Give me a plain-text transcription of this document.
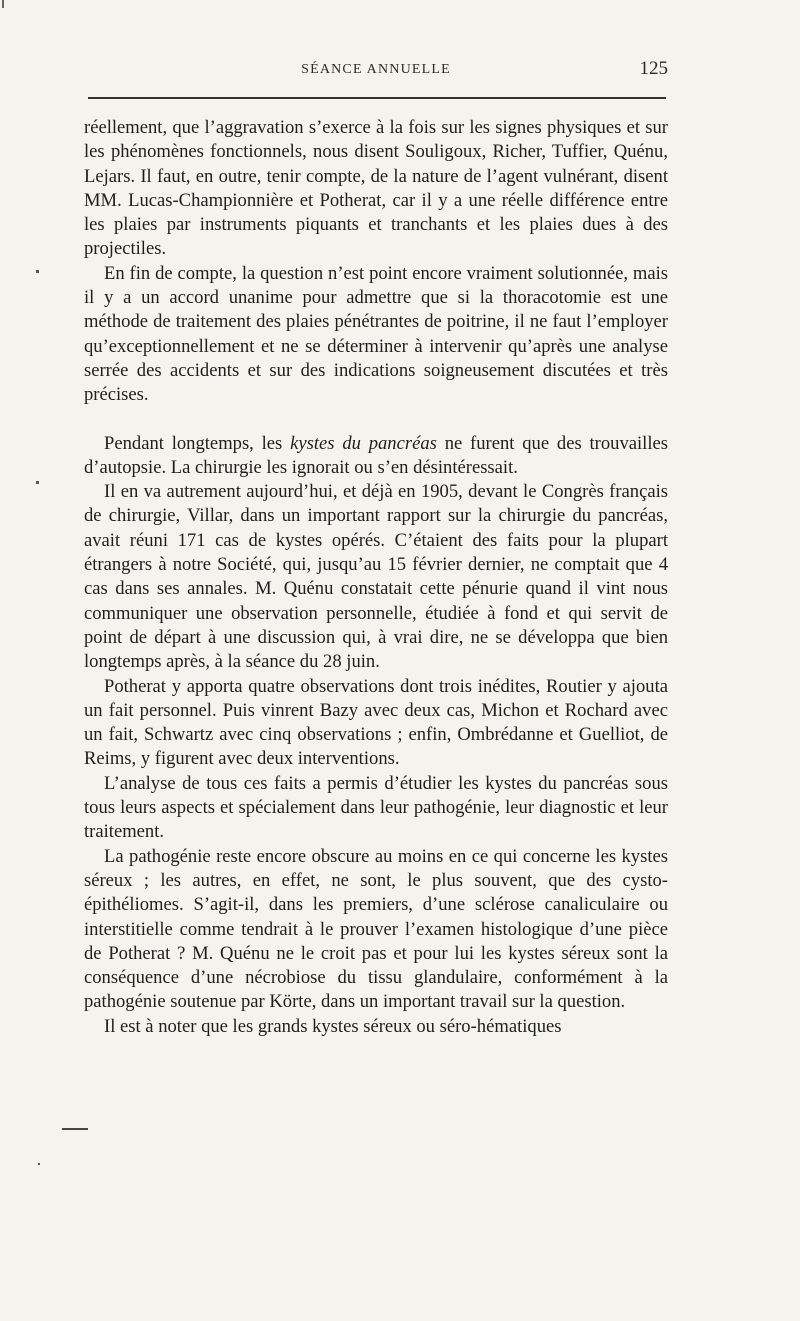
SÉANCE ANNUELLE	125

réellement, que l’aggravation s’exerce à la fois sur les signes physiques et sur les phénomènes fonctionnels, nous disent Souligoux, Richer, Tuffier, Quénu, Lejars. Il faut, en outre, tenir compte, de la nature de l’agent vulnérant, disent MM. Lucas-Championnière et Potherat, car il y a une réelle différence entre les plaies par instruments piquants et tranchants et les plaies dues à des projectiles.

En fin de compte, la question n’est point encore vraiment solutionnée, mais il y a un accord unanime pour admettre que si la thoracotomie est une méthode de traitement des plaies pénétrantes de poitrine, il ne faut l’employer qu’exceptionnellement et ne se déterminer à intervenir qu’après une analyse serrée des accidents et sur des indications soigneusement discutées et très précises.

Pendant longtemps, les kystes du pancréas ne furent que des trouvailles d’autopsie. La chirurgie les ignorait ou s’en désintéressait.

Il en va autrement aujourd’hui, et déjà en 1905, devant le Congrès français de chirurgie, Villar, dans un important rapport sur la chirurgie du pancréas, avait réuni 171 cas de kystes opérés. C’étaient des faits pour la plupart étrangers à notre Société, qui, jusqu’au 15 février dernier, ne comptait que 4 cas dans ses annales. M. Quénu constatait cette pénurie quand il vint nous communiquer une observation personnelle, étudiée à fond et qui servit de point de départ à une discussion qui, à vrai dire, ne se développa que bien longtemps après, à la séance du 28 juin.

Potherat y apporta quatre observations dont trois inédites, Routier y ajouta un fait personnel. Puis vinrent Bazy avec deux cas, Michon et Rochard avec un fait, Schwartz avec cinq observations ; enfin, Ombrédanne et Guelliot, de Reims, y figurent avec deux interventions.

L’analyse de tous ces faits a permis d’étudier les kystes du pancréas sous tous leurs aspects et spécialement dans leur pathogénie, leur diagnostic et leur traitement.

La pathogénie reste encore obscure au moins en ce qui concerne les kystes séreux ; les autres, en effet, ne sont, le plus souvent, que des cysto-épithéliomes. S’agit-il, dans les premiers, d’une sclérose canaliculaire ou interstitielle comme tendrait à le prouver l’examen histologique d’une pièce de Potherat ? M. Quénu ne le croit pas et pour lui les kystes séreux sont la conséquence d’une nécrobiose du tissu glandulaire, conformément à la pathogénie soutenue par Körte, dans un important travail sur la question.

Il est à noter que les grands kystes séreux ou séro-hématiques
